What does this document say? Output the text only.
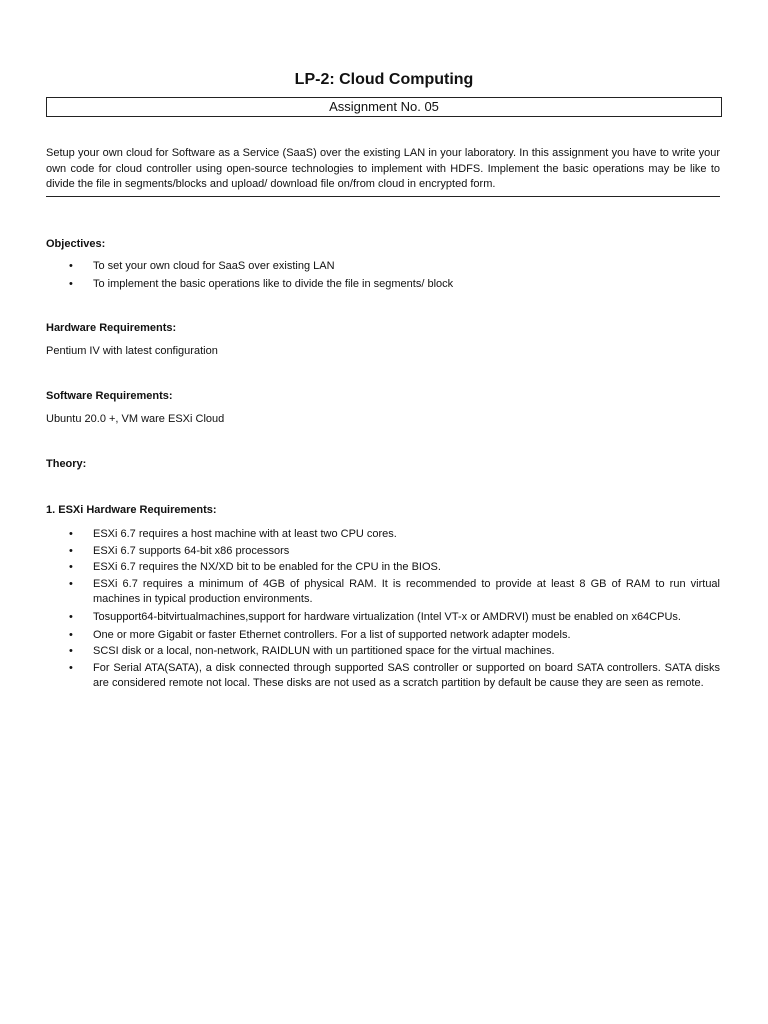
LP-2: Cloud Computing
Assignment No. 05

Setup your own cloud for Software as a Service (SaaS) over the existing LAN in your laboratory. In this assignment you have to write your own code for cloud controller using open-source technologies to implement with HDFS. Implement the basic operations may be like to divide the file in segments/blocks and upload/ download file on/from cloud in encrypted form.

Objectives:
• To set your own cloud for SaaS over existing LAN
• To implement the basic operations like to divide the file in segments/ block
Hardware Requirements:
Pentium IV with latest configuration
Software Requirements:
Ubuntu 20.0 +, VM ware ESXi Cloud
Theory:
1. ESXi Hardware Requirements:
• ESXi 6.7 requires a host machine with at least two CPU cores.
• ESXi 6.7 supports 64-bit x86 processors
• ESXi 6.7 requires the NX/XD bit to be enabled for the CPU in the BIOS.
• ESXi 6.7 requires a minimum of 4GB of physical RAM. It is recommended to provide at least 8 GB of RAM to run virtual machines in typical production environments.
• Tosupport64-bitvirtualmachines,support for hardware virtualization (Intel VT-x or AMDRVI) must be enabled on x64CPUs.
• One or more Gigabit or faster Ethernet controllers. For a list of supported network adapter models.
• SCSI disk or a local, non-network, RAIDLUN with un partitioned space for the virtual machines.
• For Serial ATA(SATA), a disk connected through supported SAS controller or supported on board SATA controllers. SATA disks are considered remote not local. These disks are not used as a scratch partition by default be cause they are seen as remote.
